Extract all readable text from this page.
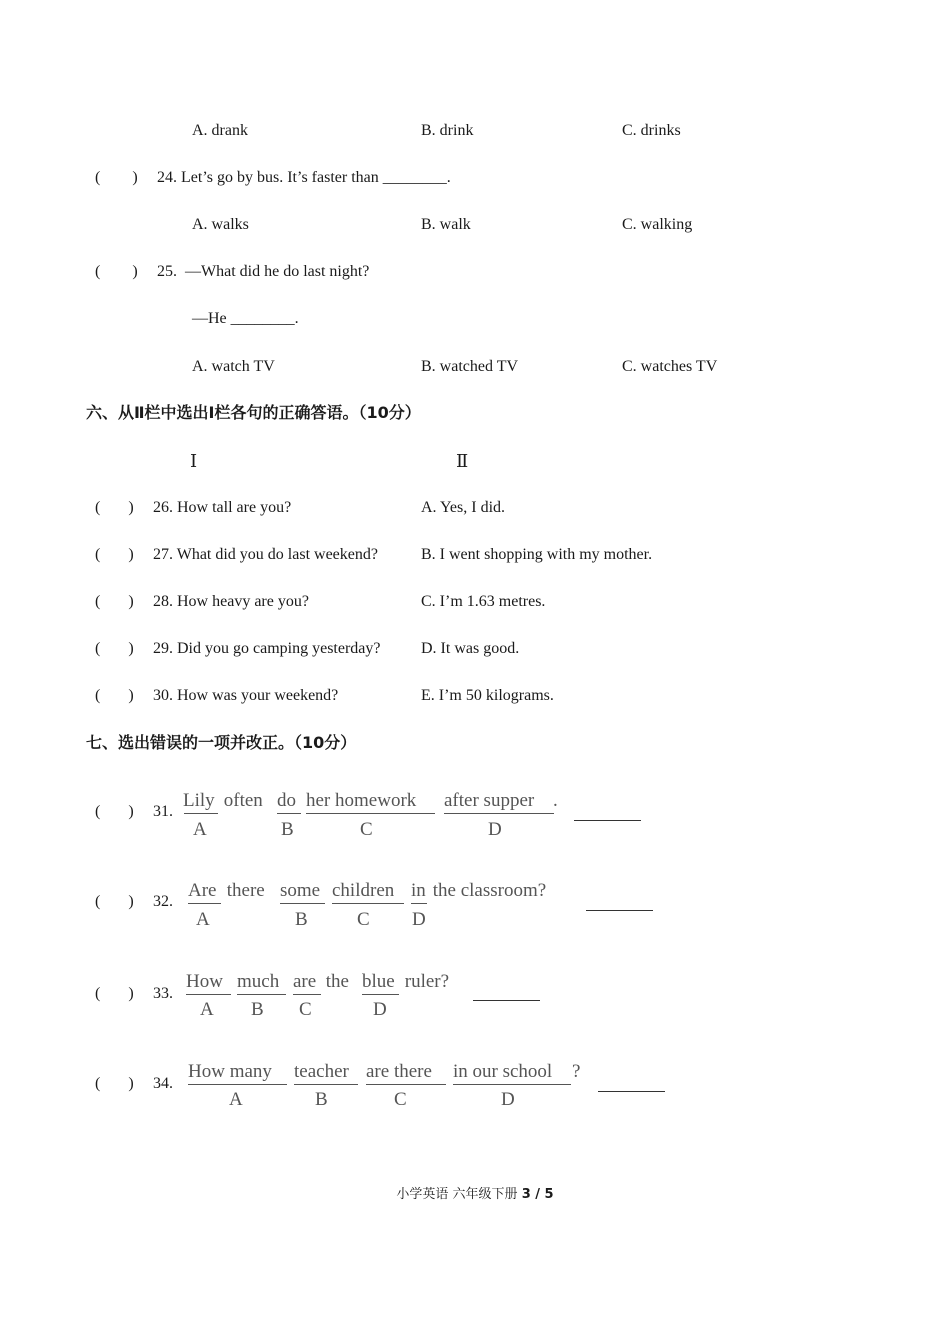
A. drank	B. drink	C. drinks
(        ) 24. Let’s go by bus. It’s faster than ________.
A. walks	B. walk	C. walking
(        ) 25.  —What did he do last night?
—He ________.
A. watch TV	B. watched TV	C. watches TV
六、从Ⅱ栏中选出Ⅰ栏各句的正确答语。（10分）
Ⅰ	Ⅱ
(       ) 26. How tall are you?	A. Yes, I did.
(       ) 27. What did you do last weekend?	B. I went shopping with my mother.
(       ) 28. How heavy are you?	C. I’m 1.63 metres.
(       ) 29. Did you go camping yesterday?	D. It was good.
(       ) 30. How was your weekend?	E. I’m 50 kilograms.
七、选出错误的一项并改正。（10分）
(       ) 31.
Lily often do her homework after supper .
A	B	C	D
(       ) 32.
Are there some children in the classroom?
A	B	C D
(       ) 33.
How much are the blue ruler?
A B C	D
(       ) 34.
How many teacher are there in our school ?
A	B	C	D
小学英语 六年级下册 3 / 5
